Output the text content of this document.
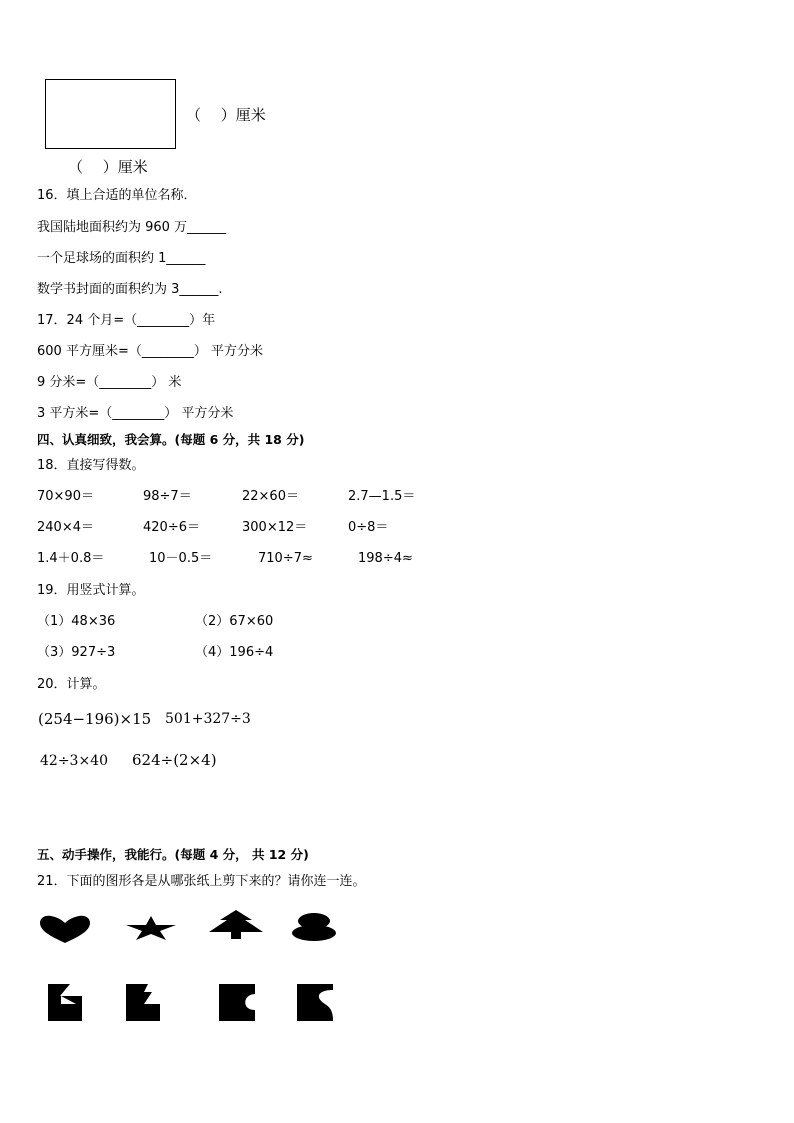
（　 ）厘米
（　 ）厘米
16．填上合适的单位名称．
我国陆地面积约为 960 万______
一个足球场的面积约 1______
数学书封面的面积约为 3______.
17．24 个月=（________）年
600 平方厘米=（________） 平方分米
9 分米=（________） 米
3 平方米=（________） 平方分米
四、认真细致，我会算。(每题 6 分，共 18 分)
18．直接写得数。
70×90＝	98÷7＝	22×60＝	2.7—1.5＝
240×4＝	420÷6＝	300×12＝	0÷8＝
1.4＋0.8＝	10－0.5＝	710÷7≈	198÷4≈
19．用竖式计算。
（1）48×36	（2）67×60
（3）927÷3	（4）196÷4
20．计算。
(254−196)×15 501+327÷3
42÷3×40 624÷(2×4)
五、动手操作，我能行。(每题 4 分， 共 12 分)
21．下面的图形各是从哪张纸上剪下来的？请你连一连。
